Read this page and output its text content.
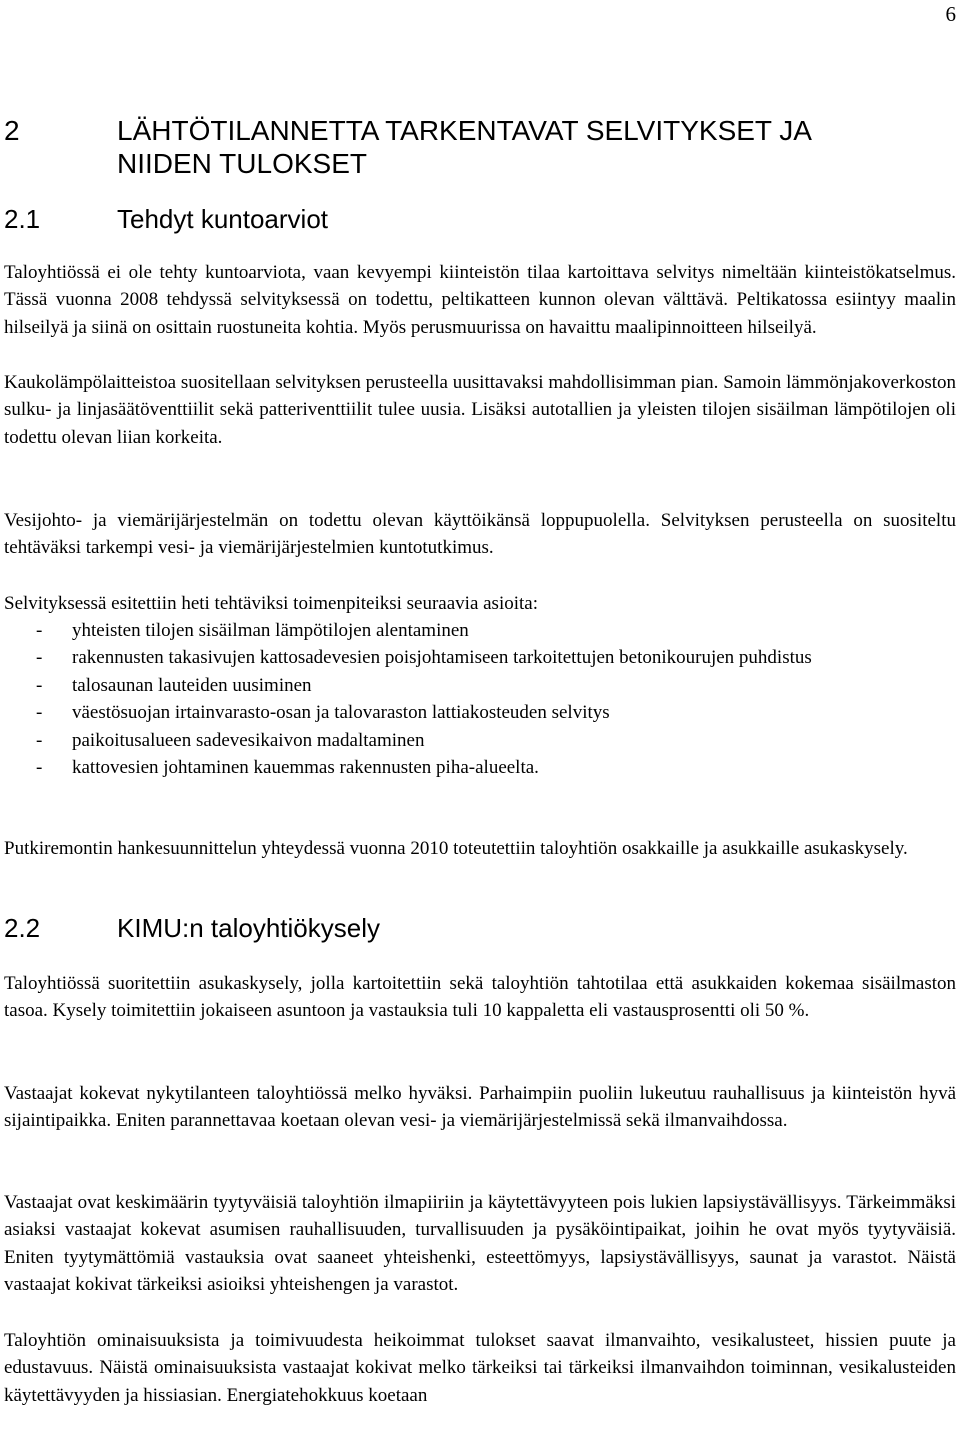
6
2	LÄHTÖTILANNETTA TARKENTAVAT SELVITYKSET JA NIIDEN TULOKSET
2.1	Tehdyt kuntoarviot

Taloyhtiössä ei ole tehty kuntoarviota, vaan kevyempi kiinteistön tilaa kartoittava selvitys nimeltään kiinteistökatselmus. Tässä vuonna 2008 tehdyssä selvityksessä on todettu, peltikatteen kunnon olevan välttävä. Peltikatossa esiintyy maalin hilseilyä ja siinä on osittain ruostuneita kohtia. Myös perusmuurissa on havaittu maalipinnoitteen hilseilyä.

Kaukolämpölaitteistoa suositellaan selvityksen perusteella uusittavaksi mahdollisimman pian. Samoin lämmönjakoverkoston sulku- ja linjasäätöventtiilit sekä patteriventtiilit tulee uusia. Lisäksi autotallien ja yleisten tilojen sisäilman lämpötilojen oli todettu olevan liian korkeita.

Vesijohto- ja viemärijärjestelmän on todettu olevan käyttöikänsä loppupuolella. Selvityksen perusteella on suositeltu tehtäväksi tarkempi vesi- ja viemärijärjestelmien kuntotutkimus.

Selvityksessä esitettiin heti tehtäviksi toimenpiteiksi seuraavia asioita:

-	yhteisten tilojen sisäilman lämpötilojen alentaminen
-	rakennusten takasivujen kattosadevesien poisjohtamiseen tarkoitettujen betonikourujen puhdistus
-	talosaunan lauteiden uusiminen
-	väestösuojan irtainvarasto-osan ja talovaraston lattiakosteuden selvitys
-	paikoitusalueen sadevesikaivon madaltaminen
-	kattovesien johtaminen kauemmas rakennusten piha-alueelta.

Putkiremontin hankesuunnittelun yhteydessä vuonna 2010 toteutettiin taloyhtiön osakkaille ja asukkaille asukaskysely.

2.2	KIMU:n taloyhtiökysely

Taloyhtiössä suoritettiin asukaskysely, jolla kartoitettiin sekä taloyhtiön tahtotilaa että asukkaiden kokemaa sisäilmaston tasoa. Kysely toimitettiin jokaiseen asuntoon ja vastauksia tuli 10 kappaletta eli vastausprosentti oli 50 %.

Vastaajat kokevat nykytilanteen taloyhtiössä melko hyväksi. Parhaimpiin puoliin lukeutuu rauhallisuus ja kiinteistön hyvä sijaintipaikka. Eniten parannettavaa koetaan olevan vesi- ja viemärijärjestelmissä sekä ilmanvaihdossa.

Vastaajat ovat keskimäärin tyytyväisiä taloyhtiön ilmapiiriin ja käytettävyyteen pois lukien lapsiystävällisyys. Tärkeimmäksi asiaksi vastaajat kokevat asumisen rauhallisuuden, turvallisuuden ja pysäköintipaikat, joihin he ovat myös tyytyväisiä. Eniten tyytymättömiä vastauksia ovat saaneet yhteishenki, esteettömyys, lapsiystävällisyys, saunat ja varastot. Näistä vastaajat kokivat tärkeiksi asioiksi yhteishengen ja varastot.

Taloyhtiön ominaisuuksista ja toimivuudesta heikoimmat tulokset saavat ilmanvaihto, vesikalusteet, hissien puute ja edustavuus. Näistä ominaisuuksista vastaajat kokivat melko tärkeiksi tai tärkeiksi ilmanvaihdon toiminnan, vesikalusteiden käytettävyyden ja hissiasian. Energiatehokkuus koetaan
